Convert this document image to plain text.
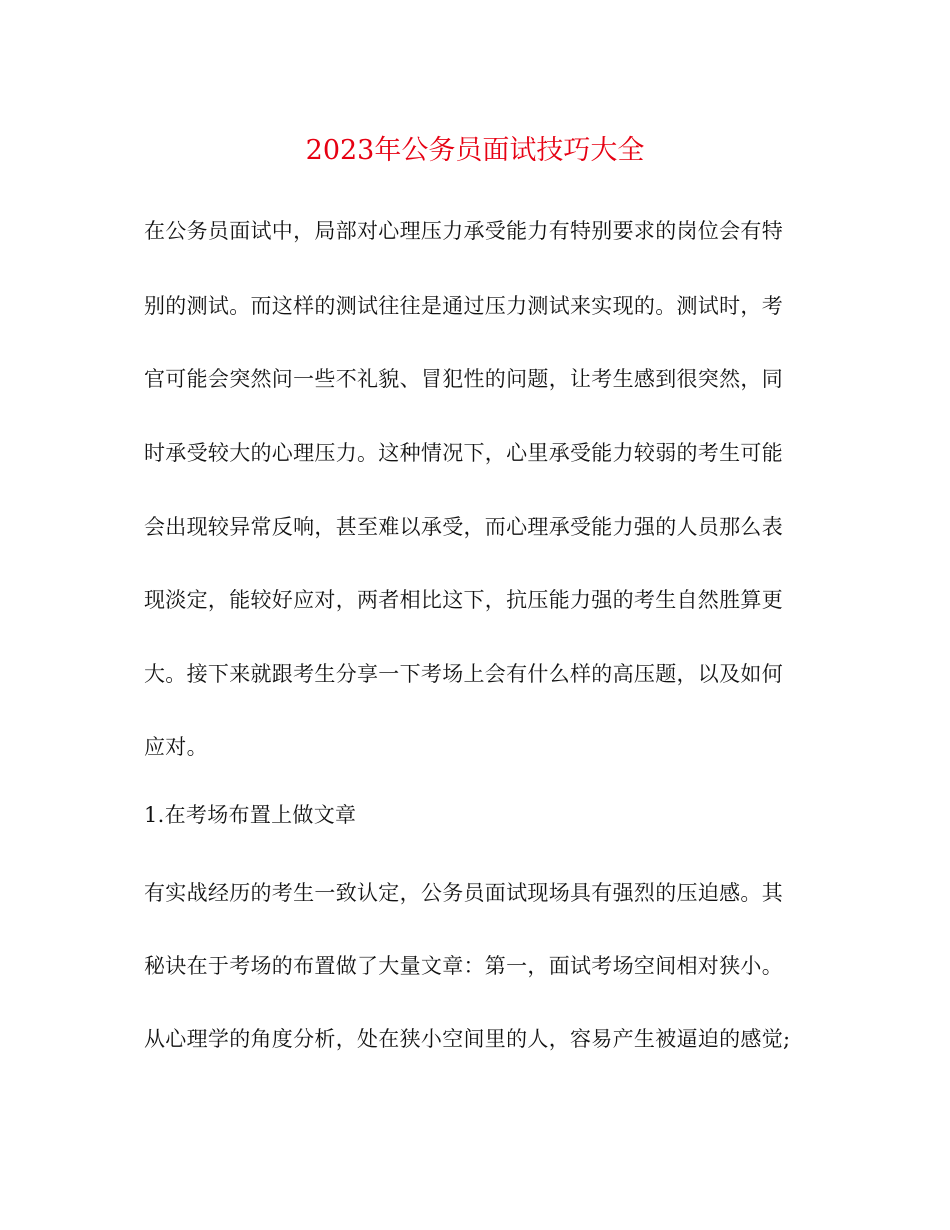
2023年公务员面试技巧大全
在公务员面试中，局部对心理压力承受能力有特别要求的岗位会有特
别的测试。而这样的测试往往是通过压力测试来实现的。测试时，考
官可能会突然问一些不礼貌、冒犯性的问题，让考生感到很突然，同
时承受较大的心理压力。这种情况下，心里承受能力较弱的考生可能
会出现较异常反响，甚至难以承受，而心理承受能力强的人员那么表
现淡定，能较好应对，两者相比这下，抗压能力强的考生自然胜算更
大。接下来就跟考生分享一下考场上会有什么样的高压题，以及如何
应对。
1.在考场布置上做文章
有实战经历的考生一致认定，公务员面试现场具有强烈的压迫感。其
秘诀在于考场的布置做了大量文章：第一，面试考场空间相对狭小。
从心理学的角度分析，处在狭小空间里的人，容易产生被逼迫的感觉;
